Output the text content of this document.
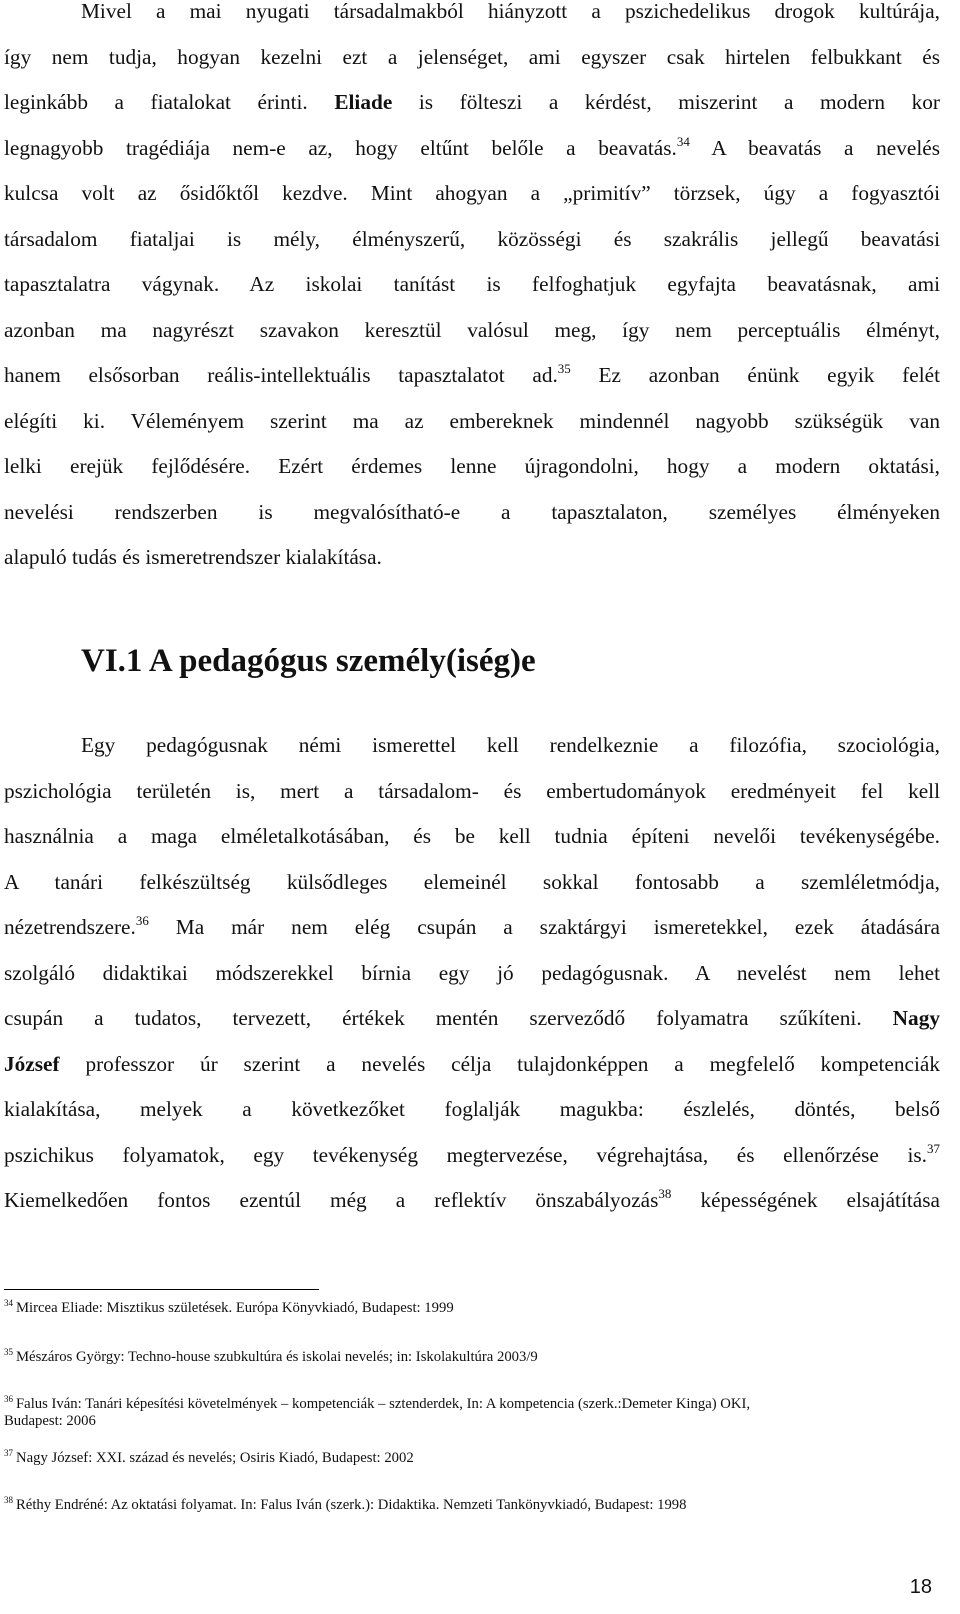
Mivel a mai nyugati társadalmakból hiányzott a pszichedelikus drogok kultúrája,
így nem tudja, hogyan kezelni ezt a jelenséget, ami egyszer csak hirtelen felbukkant és
leginkább a fiatalokat érinti. Eliade is fölteszi a kérdést, miszerint a modern kor
legnagyobb tragédiája nem-e az, hogy eltűnt belőle a beavatás.$^{34}$ A beavatás a nevelés
kulcsa volt az ősidőktől kezdve. Mint ahogyan a „primitív” törzsek, úgy a fogyasztói
társadalom fiataljai is mély, élményszerű, közösségi és szakrális jellegű beavatási
tapasztalatra vágynak. Az iskolai tanítást is felfoghatjuk egyfajta beavatásnak, ami
azonban ma nagyrészt szavakon keresztül valósul meg, így nem perceptuális élményt,
hanem elsősorban reális-intellektuális tapasztalatot ad.$^{35}$ Ez azonban énünk egyik felét
elégíti ki. Véleményem szerint ma az embereknek mindennél nagyobb szükségük van
lelki erejük fejlődésére. Ezért érdemes lenne újragondolni, hogy a modern oktatási,
nevelési rendszerben is megvalósítható-e a tapasztalaton, személyes élményeken
alapuló tudás és ismeretrendszer kialakítása.
VI.1 A pedagógus személy(iség)e
Egy pedagógusnak némi ismerettel kell rendelkeznie a filozófia, szociológia,
pszichológia területén is, mert a társadalom- és embertudományok eredményeit fel kell
használnia a maga elméletalkotásában, és be kell tudnia építeni nevelői tevékenységébe.
A tanári felkészültség külsődleges elemeinél sokkal fontosabb a szemléletmódja,
nézetrendszere.$^{36}$ Ma már nem elég csupán a szaktárgyi ismeretekkel, ezek átadására
szolgáló didaktikai módszerekkel bírnia egy jó pedagógusnak. A nevelést nem lehet
csupán a tudatos, tervezett, értékek mentén szerveződő folyamatra szűkíteni. Nagy
József professzor úr szerint a nevelés célja tulajdonképpen a megfelelő kompetenciák
kialakítása, melyek a következőket foglalják magukba: észlelés, döntés, belső
pszichikus folyamatok, egy tevékenység megtervezése, végrehajtása, és ellenőrzése is.$^{37}$
Kiemelkedően fontos ezentúl még a reflektív önszabályozás$^{38}$ képességének elsajátítása
$^{34}$ Mircea Eliade: Misztikus születések. Európa Könyvkiadó, Budapest: 1999
$^{35}$ Mészáros György: Techno-house szubkultúra és iskolai nevelés; in: Iskolakultúra 2003/9
$^{36}$ Falus Iván: Tanári képesítési követelmények – kompetenciák – sztenderdek, In: A kompetencia (szerk.:Demeter Kinga) OKI,
Budapest: 2006
$^{37}$ Nagy József: XXI. század és nevelés; Osiris Kiadó, Budapest: 2002
$^{38}$ Réthy Endréné: Az oktatási folyamat. In: Falus Iván (szerk.): Didaktika. Nemzeti Tankönyvkiadó, Budapest: 1998
18
